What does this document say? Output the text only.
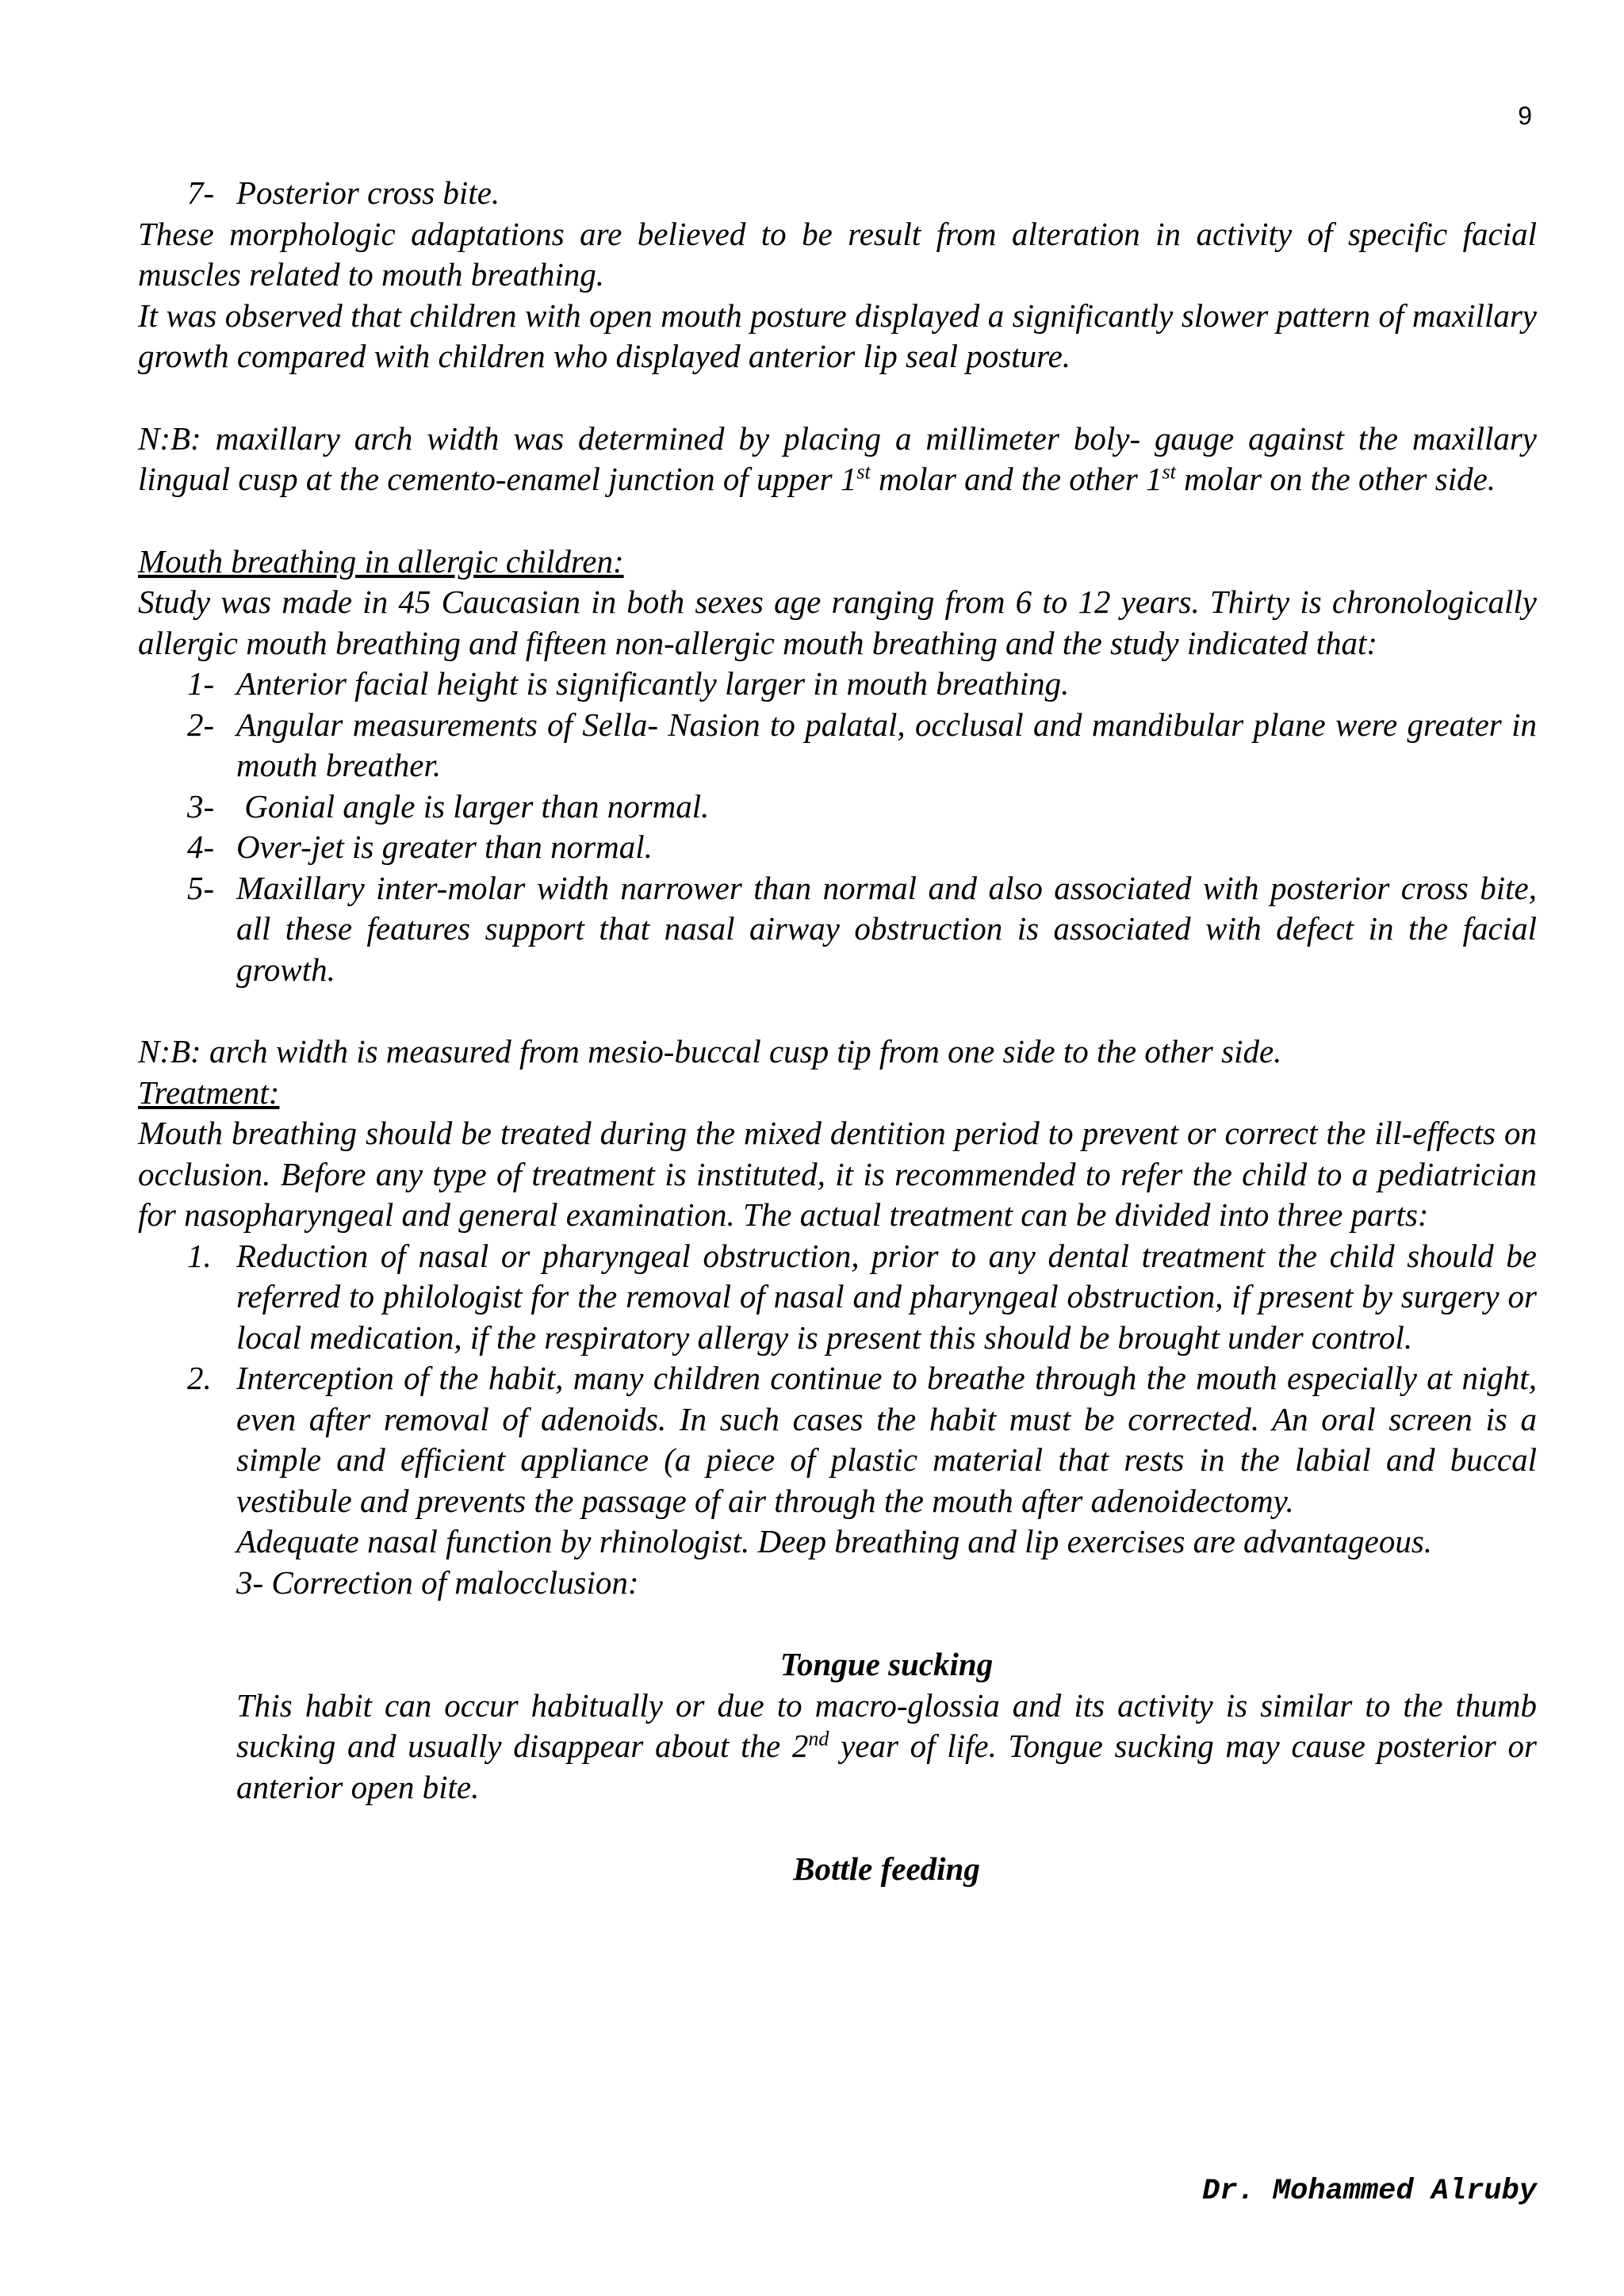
9
7- Posterior cross bite.

These morphologic adaptations are believed to be result from alteration in activity of specific facial muscles related to mouth breathing.

It was observed that children with open mouth posture displayed a significantly slower pattern of maxillary growth compared with children who displayed anterior lip seal posture.

N:B: maxillary arch width was determined by placing a millimeter boly- gauge against the maxillary lingual cusp at the cemento-enamel junction of upper 1st molar and the other 1st molar on the other side.

Mouth breathing in allergic children:

Study was made in 45 Caucasian in both sexes age ranging from 6 to 12 years. Thirty is chronologically allergic mouth breathing and fifteen non-allergic mouth breathing and the study indicated that:

1- Anterior facial height is significantly larger in mouth breathing.
2- Angular measurements of Sella- Nasion to palatal, occlusal and mandibular plane were greater in mouth breather.
3- Gonial angle is larger than normal.
4- Over-jet is greater than normal.
5- Maxillary inter-molar width narrower than normal and also associated with posterior cross bite, all these features support that nasal airway obstruction is associated with defect in the facial growth.

N:B: arch width is measured from mesio-buccal cusp tip from one side to the other side.

Treatment:

Mouth breathing should be treated during the mixed dentition period to prevent or correct the ill-effects on occlusion. Before any type of treatment is instituted, it is recommended to refer the child to a pediatrician for nasopharyngeal and general examination. The actual treatment can be divided into three parts:

1. Reduction of nasal or pharyngeal obstruction, prior to any dental treatment the child should be referred to philologist for the removal of nasal and pharyngeal obstruction, if present by surgery or local medication, if the respiratory allergy is present this should be brought under control.
2. Interception of the habit, many children continue to breathe through the mouth especially at night, even after removal of adenoids. In such cases the habit must be corrected. An oral screen is a simple and efficient appliance (a piece of plastic material that rests in the labial and buccal vestibule and prevents the passage of air through the mouth after adenoidectomy.

Adequate nasal function by rhinologist. Deep breathing and lip exercises are advantageous.

3- Correction of malocclusion:

Tongue sucking

This habit can occur habitually or due to macro-glossia and its activity is similar to the thumb sucking and usually disappear about the 2nd year of life. Tongue sucking may cause posterior or anterior open bite.

Bottle feeding

Dr. Mohammed Alruby
